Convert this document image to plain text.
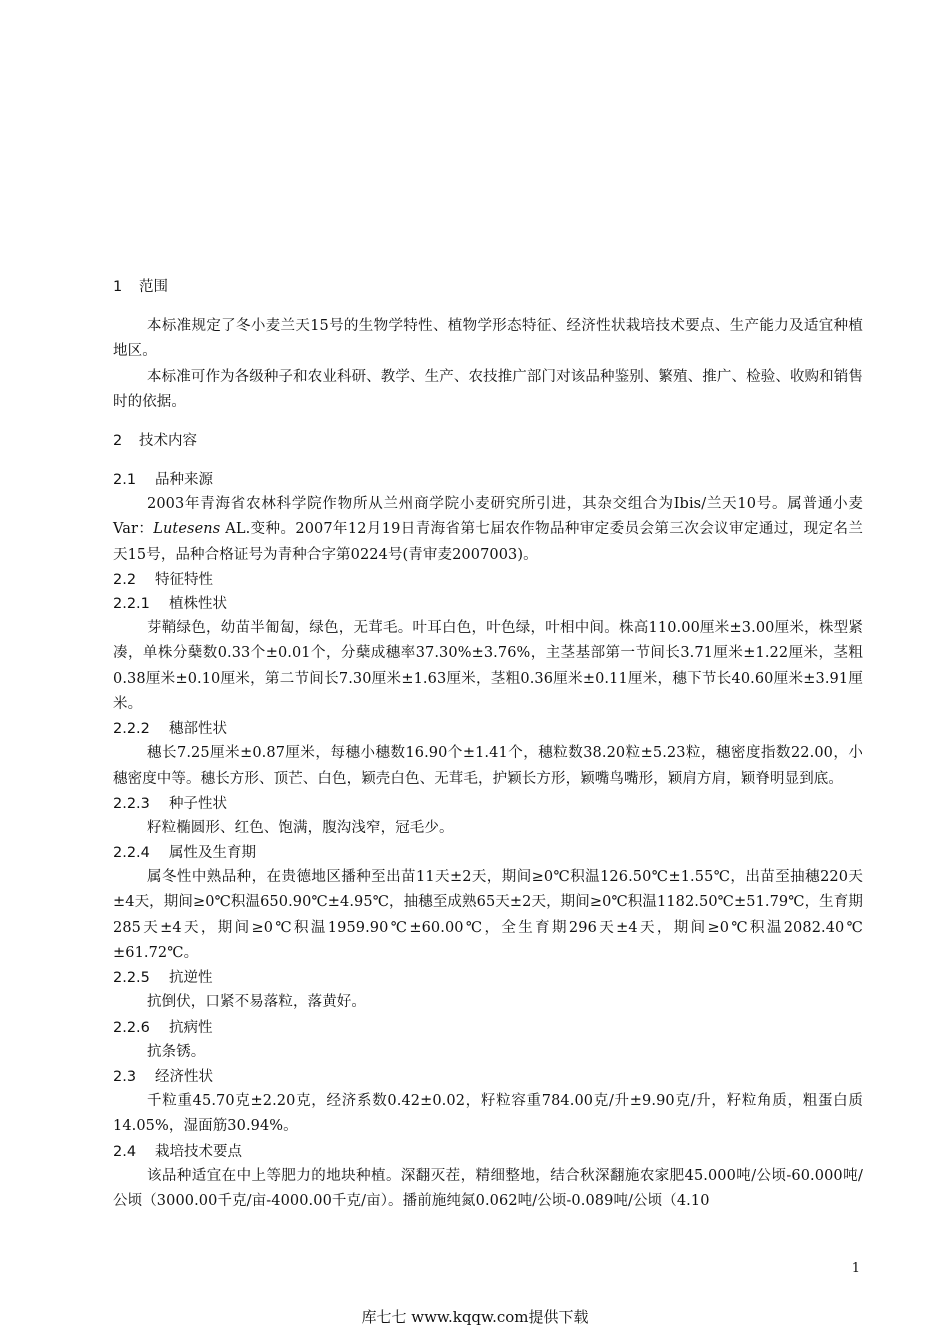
1 范围

本标准规定了冬小麦兰天15号的生物学特性、植物学形态特征、经济性状栽培技术要点、生产能力及适宜种植地区。

本标准可作为各级种子和农业科研、教学、生产、农技推广部门对该品种鉴别、繁殖、推广、检验、收购和销售时的依据。

2 技术内容
2.1 品种来源

2003年青海省农林科学院作物所从兰州商学院小麦研究所引进，其杂交组合为Ibis/兰天10号。属普通小麦Var：Lutesens AL.变种。2007年12月19日青海省第七届农作物品种审定委员会第三次会议审定通过，现定名兰天15号，品种合格证号为青种合字第0224号(青审麦2007003)。

2.2 特征特性
2.2.1 植株性状

芽鞘绿色，幼苗半匍匐，绿色，无茸毛。叶耳白色，叶色绿，叶相中间。株高110.00厘米±3.00厘米，株型紧凑，单株分蘖数0.33个±0.01个，分蘖成穗率37.30%±3.76%，主茎基部第一节间长3.71厘米±1.22厘米，茎粗0.38厘米±0.10厘米，第二节间长7.30厘米±1.63厘米，茎粗0.36厘米±0.11厘米，穗下节长40.60厘米±3.91厘米。

2.2.2 穗部性状

穗长7.25厘米±0.87厘米，每穗小穗数16.90个±1.41个，穗粒数38.20粒±5.23粒，穗密度指数22.00，小穗密度中等。穗长方形、顶芒、白色，颖壳白色、无茸毛，护颖长方形，颖嘴鸟嘴形，颖肩方肩，颖脊明显到底。

2.2.3 种子性状

籽粒椭圆形、红色、饱满，腹沟浅窄，冠毛少。

2.2.4 属性及生育期

属冬性中熟品种，在贵德地区播种至出苗11天±2天，期间≥0℃积温126.50℃±1.55℃，出苗至抽穗220天±4天，期间≥0℃积温650.90℃±4.95℃，抽穗至成熟65天±2天，期间≥0℃积温1182.50℃±51.79℃，生育期285天±4天，期间≥0℃积温1959.90℃±60.00℃，全生育期296天±4天，期间≥0℃积温2082.40℃±61.72℃。

2.2.5 抗逆性

抗倒伏，口紧不易落粒，落黄好。

2.2.6 抗病性

抗条锈。

2.3 经济性状

千粒重45.70克±2.20克，经济系数0.42±0.02，籽粒容重784.00克/升±9.90克/升，籽粒角质，粗蛋白质14.05%，湿面筋30.94%。

2.4 栽培技术要点

该品种适宜在中上等肥力的地块种植。深翻灭茬，精细整地，结合秋深翻施农家肥45.000吨/公顷-60.000吨/公顷（3000.00千克/亩-4000.00千克/亩）。播前施纯氮0.062吨/公顷-0.089吨/公顷（4.10

1
库七七 www.kqqw.com提供下载
